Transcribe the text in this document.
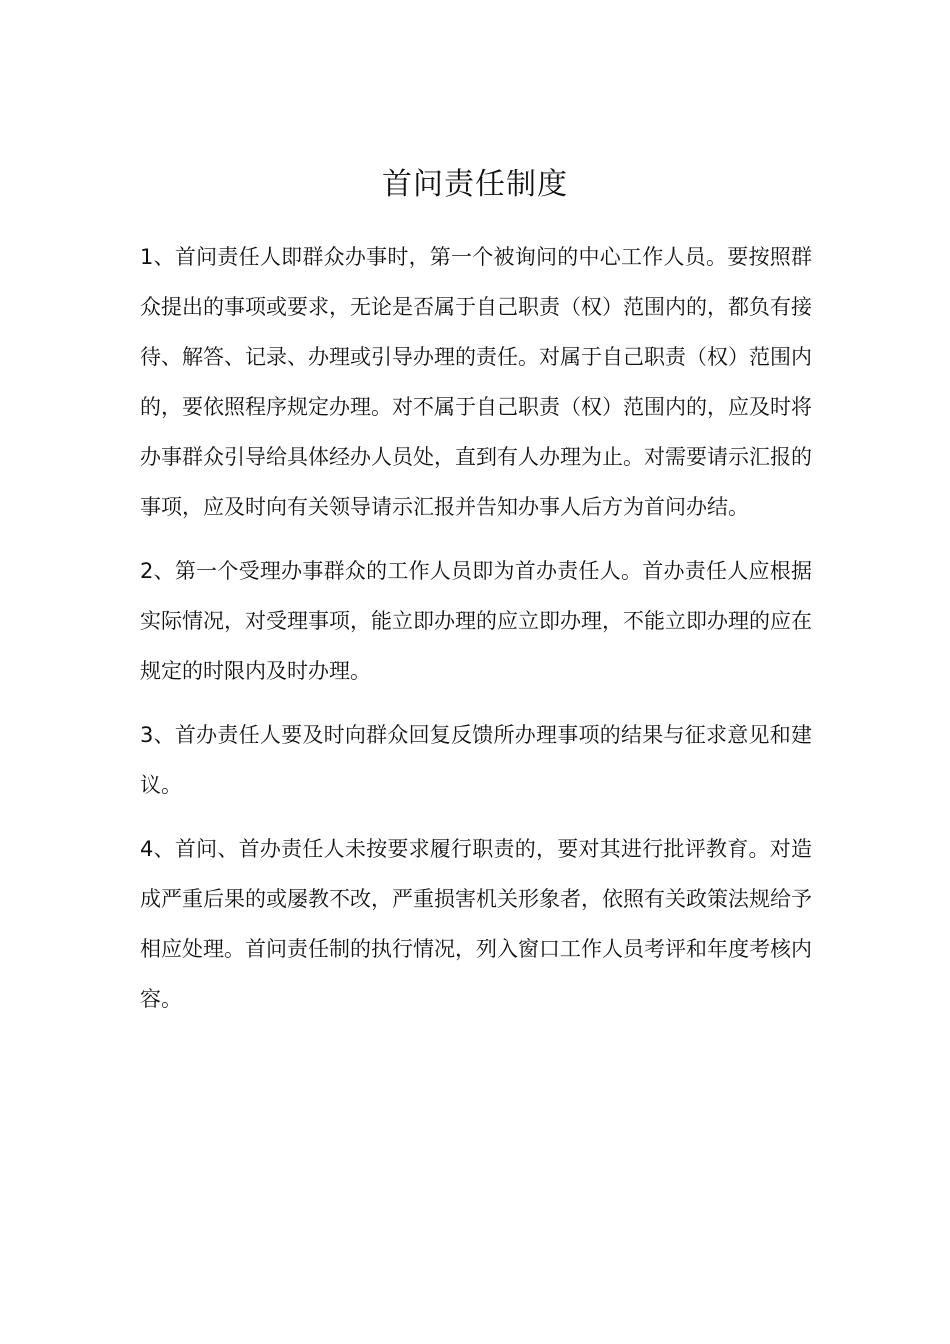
首问责任制度

1、首问责任人即群众办事时，第一个被询问的中心工作人员。要按照群众提出的事项或要求，无论是否属于自己职责（权）范围内的，都负有接待、解答、记录、办理或引导办理的责任。对属于自己职责（权）范围内的，要依照程序规定办理。对不属于自己职责（权）范围内的，应及时将办事群众引导给具体经办人员处，直到有人办理为止。对需要请示汇报的事项，应及时向有关领导请示汇报并告知办事人后方为首问办结。

2、第一个受理办事群众的工作人员即为首办责任人。首办责任人应根据实际情况，对受理事项，能立即办理的应立即办理，不能立即办理的应在规定的时限内及时办理。

3、首办责任人要及时向群众回复反馈所办理事项的结果与征求意见和建议。

4、首问、首办责任人未按要求履行职责的，要对其进行批评教育。对造成严重后果的或屡教不改，严重损害机关形象者，依照有关政策法规给予相应处理。首问责任制的执行情况，列入窗口工作人员考评和年度考核内容。
